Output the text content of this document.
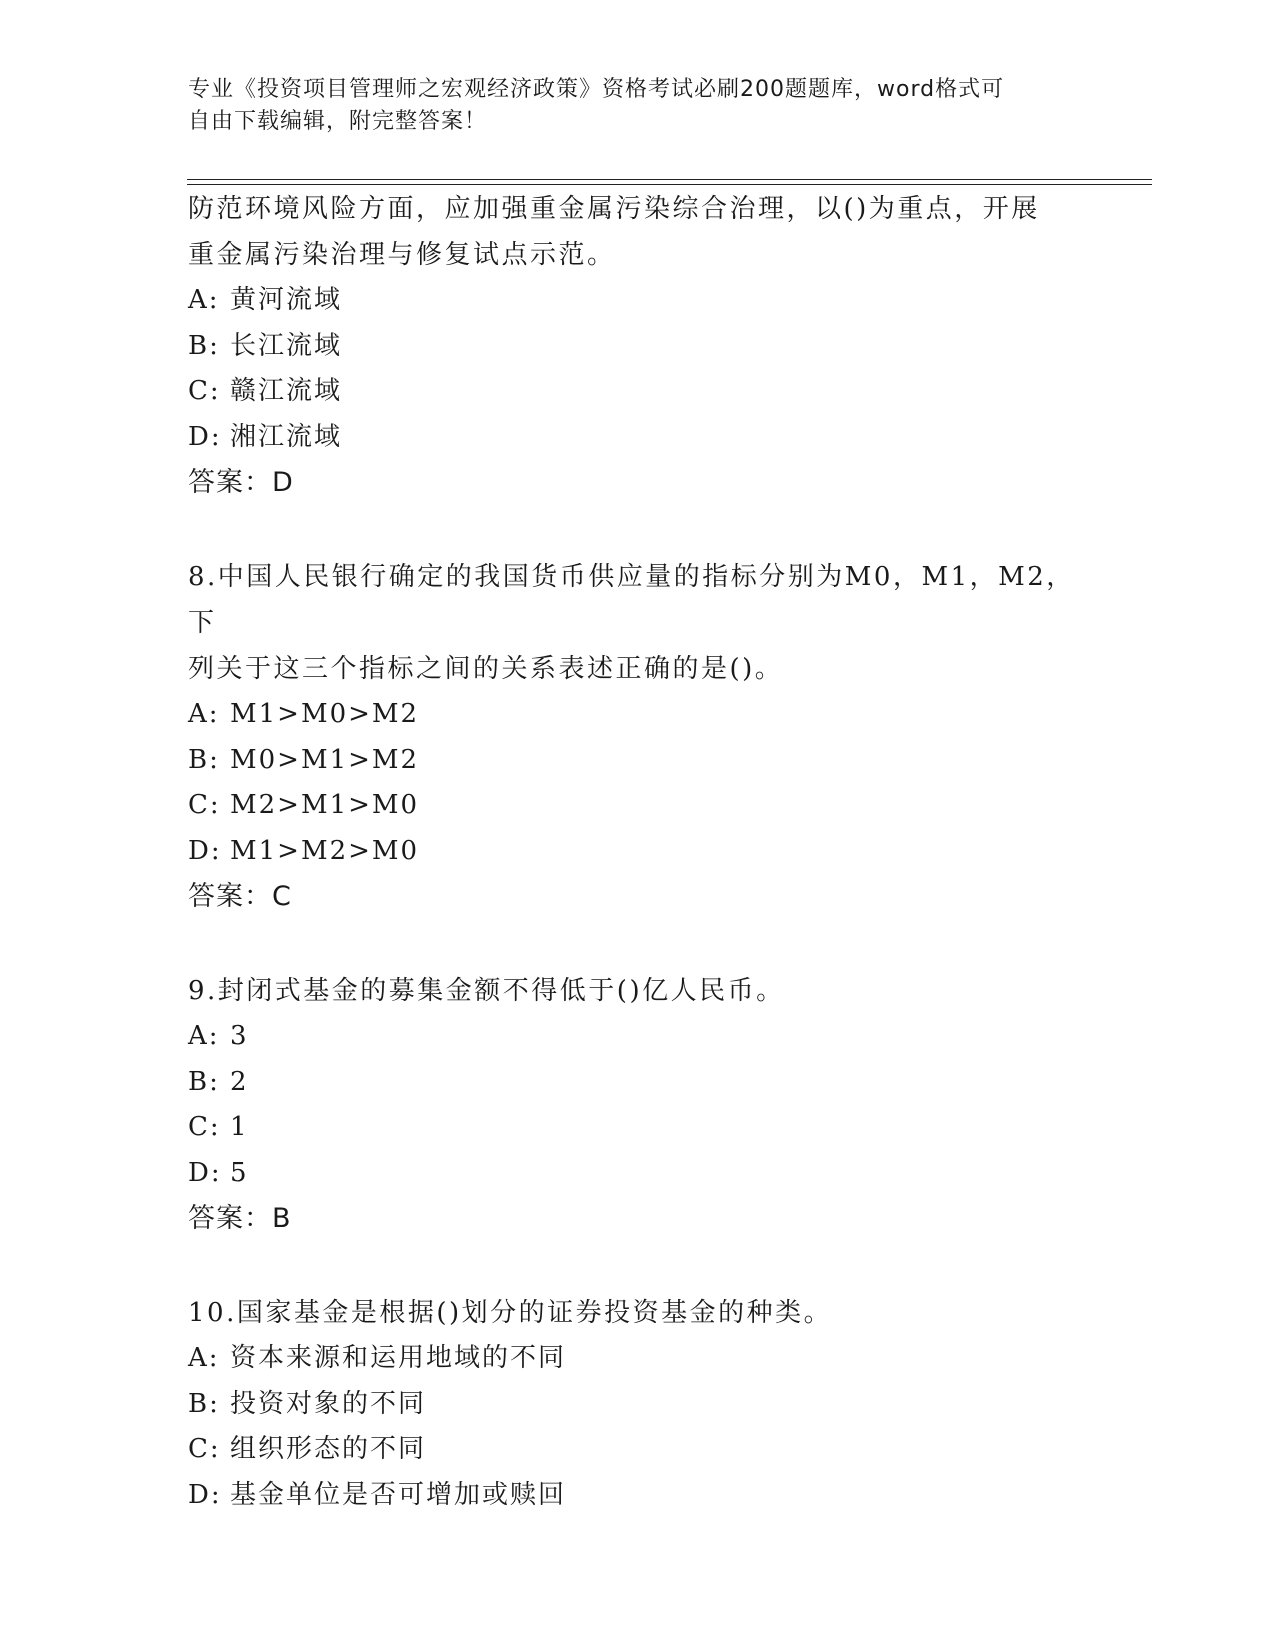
专业《投资项目管理师之宏观经济政策》资格考试必刷200题题库，word格式可
自由下载编辑，附完整答案！

防范环境风险方面，应加强重金属污染综合治理，以()为重点，开展
重金属污染治理与修复试点示范。

A: 黄河流域

B: 长江流域

C: 赣江流域

D: 湘江流域

答案：D

8.中国人民银行确定的我国货币供应量的指标分别为M0，M1，M2，下
列关于这三个指标之间的关系表述正确的是()。

A: M1>M0>M2

B: M0>M1>M2

C: M2>M1>M0

D: M1>M2>M0

答案：C

9.封闭式基金的募集金额不得低于()亿人民币。

A: 3

B: 2

C: 1

D: 5

答案：B

10.国家基金是根据()划分的证券投资基金的种类。

A: 资本来源和运用地域的不同

B: 投资对象的不同

C: 组织形态的不同

D: 基金单位是否可增加或赎回
